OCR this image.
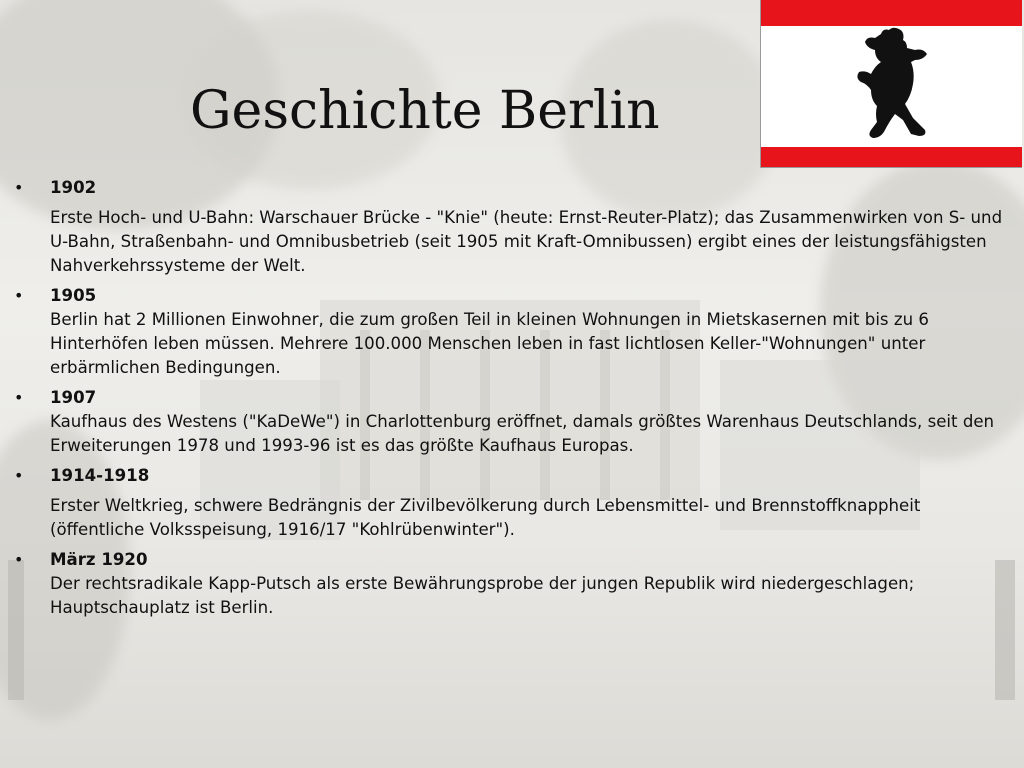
Geschichte Berlin
• 1902
Erste Hoch- und U-Bahn: Warschauer Brücke - "Knie" (heute: Ernst-Reuter-Platz); das Zusammenwirken von S- und U-Bahn, Straßenbahn- und Omnibusbetrieb (seit 1905 mit Kraft-Omnibussen) ergibt eines der leistungsfähigsten Nahverkehrssysteme der Welt.
• 1905
Berlin hat 2 Millionen Einwohner, die zum großen Teil in kleinen Wohnungen in Mietskasernen mit bis zu 6 Hinterhöfen leben müssen. Mehrere 100.000 Menschen leben in fast lichtlosen Keller-"Wohnungen" unter erbärmlichen Bedingungen.
• 1907
Kaufhaus des Westens ("KaDeWe") in Charlottenburg eröffnet, damals größtes Warenhaus Deutschlands, seit den Erweiterungen 1978 und 1993-96 ist es das größte Kaufhaus Europas.
• 1914-1918
Erster Weltkrieg, schwere Bedrängnis der Zivilbevölkerung durch Lebensmittel- und Brennstoffknappheit (öffentliche Volksspeisung, 1916/17 "Kohlrübenwinter").
• März 1920
Der rechtsradikale Kapp-Putsch als erste Bewährungsprobe der jungen Republik wird niedergeschlagen; Hauptschauplatz ist Berlin.
